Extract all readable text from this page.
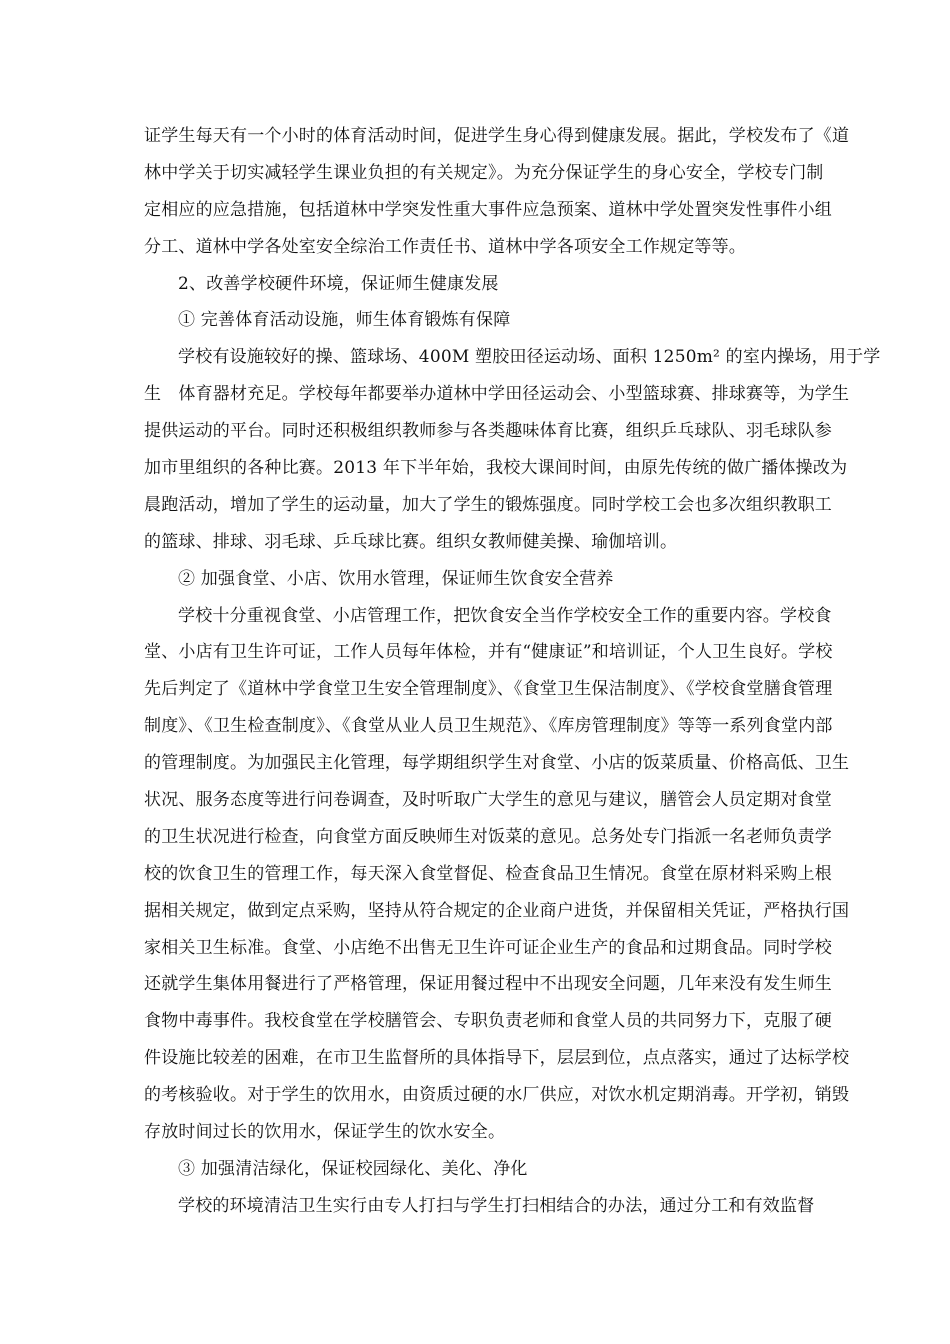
证学生每天有一个小时的体育活动时间，促进学生身心得到健康发展。据此，学校发布了《道
林中学关于切实减轻学生课业负担的有关规定》。为充分保证学生的身心安全，学校专门制
定相应的应急措施，包括道林中学突发性重大事件应急预案、道林中学处置突发性事件小组
分工、道林中学各处室安全综治工作责任书、道林中学各项安全工作规定等等。
2、改善学校硬件环境，保证师生健康发展
① 完善体育活动设施，师生体育锻炼有保障
学校有设施较好的操、篮球场、400M 塑胶田径运动场、面积 1250m² 的室内操场，用于学
生　体育器材充足。学校每年都要举办道林中学田径运动会、小型篮球赛、排球赛等，为学生
提供运动的平台。同时还积极组织教师参与各类趣味体育比赛，组织乒乓球队、羽毛球队参
加市里组织的各种比赛。2013 年下半年始，我校大课间时间，由原先传统的做广播体操改为
晨跑活动，增加了学生的运动量，加大了学生的锻炼强度。同时学校工会也多次组织教职工
的篮球、排球、羽毛球、乒乓球比赛。组织女教师健美操、瑜伽培训。
② 加强食堂、小店、饮用水管理，保证师生饮食安全营养
学校十分重视食堂、小店管理工作，把饮食安全当作学校安全工作的重要内容。学校食
堂、小店有卫生许可证，工作人员每年体检，并有“健康证”和培训证，个人卫生良好。学校
先后判定了《道林中学食堂卫生安全管理制度》、《食堂卫生保洁制度》、《学校食堂膳食管理
制度》、《卫生检查制度》、《食堂从业人员卫生规范》、《库房管理制度》等等一系列食堂内部
的管理制度。为加强民主化管理，每学期组织学生对食堂、小店的饭菜质量、价格高低、卫生
状况、服务态度等进行问卷调查，及时听取广大学生的意见与建议，膳管会人员定期对食堂
的卫生状况进行检查，向食堂方面反映师生对饭菜的意见。总务处专门指派一名老师负责学
校的饮食卫生的管理工作，每天深入食堂督促、检查食品卫生情况。食堂在原材料采购上根
据相关规定，做到定点采购，坚持从符合规定的企业商户进货，并保留相关凭证，严格执行国
家相关卫生标准。食堂、小店绝不出售无卫生许可证企业生产的食品和过期食品。同时学校
还就学生集体用餐进行了严格管理，保证用餐过程中不出现安全问题，几年来没有发生师生
食物中毒事件。我校食堂在学校膳管会、专职负责老师和食堂人员的共同努力下，克服了硬
件设施比较差的困难，在市卫生监督所的具体指导下，层层到位，点点落实，通过了达标学校
的考核验收。对于学生的饮用水，由资质过硬的水厂供应，对饮水机定期消毒。开学初，销毁
存放时间过长的饮用水，保证学生的饮水安全。
③ 加强清洁绿化，保证校园绿化、美化、净化
学校的环境清洁卫生实行由专人打扫与学生打扫相结合的办法，通过分工和有效监督
